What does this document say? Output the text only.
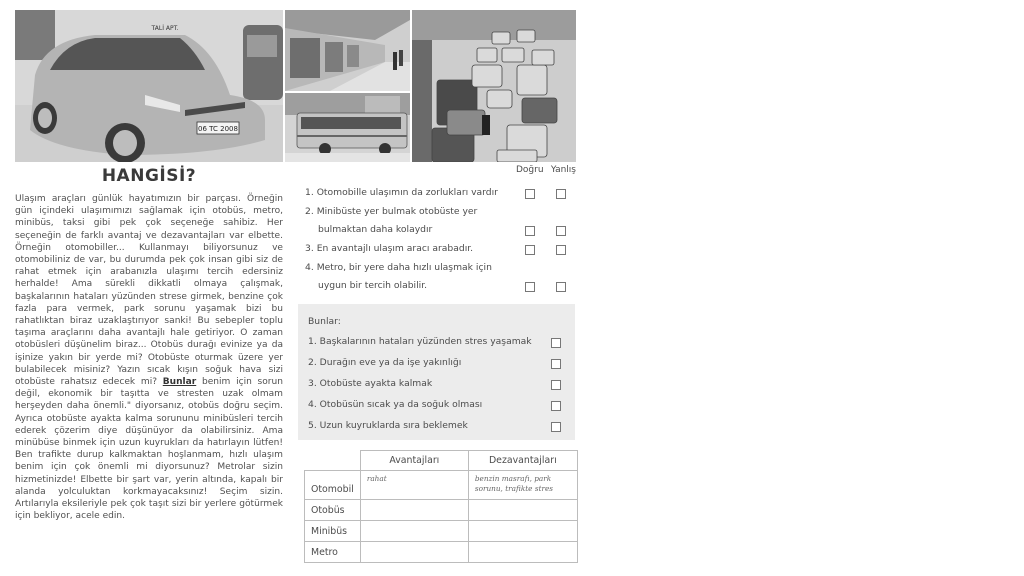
06 TC 2008
TALİ APT.
HANGİSİ?

Ulaşım araçları günlük hayatımızın bir parçası. Örneğin gün içindeki ulaşımımızı sağlamak için otobüs, metro, minibüs, taksi gibi pek çok seçeneğe sahibiz. Her seçeneğin de farklı avantaj ve dezavantajları var elbette. Örneğin otomobiller... Kullanmayı biliyorsunuz ve otomobiliniz de var, bu durumda pek çok insan gibi siz de rahat etmek için arabanızla ulaşımı tercih edersiniz herhalde! Ama sürekli dikkatli olmaya çalışmak, başkalarının hataları yüzünden strese girmek, benzine çok fazla para vermek, park sorunu yaşamak bizi bu rahatlıktan biraz uzaklaştırıyor sanki! Bu sebepler toplu taşıma araçlarını daha avantajlı hale getiriyor. O zaman otobüsleri düşünelim biraz... Otobüs durağı evinize ya da işinize yakın bir yerde mi? Otobüste oturmak üzere yer bulabilecek misiniz? Yazın sıcak kışın soğuk hava sizi otobüste rahatsız edecek mi? Bunlar benim için sorun değil, ekonomik bir taşıtta ve stresten uzak olmam herşeyden daha önemli." diyorsanız, otobüs doğru seçim. Ayrıca otobüste ayakta kalma sorununu minibüsleri tercih ederek çözerim diye düşünüyor da olabilirsiniz. Ama minübüse binmek için uzun kuyrukları da hatırlayın lütfen! Ben trafikte durup kalkmaktan hoşlanmam, hızlı ulaşım benim için çok önemli mi diyorsunuz? Metrolar sizin hizmetinizde! Elbette bir şart var, yerin altında, kapalı bir alanda yolculuktan korkmayacaksınız! Seçim sizin. Artılarıyla eksileriyle pek çok taşıt sizi bir yerlere götürmek için bekliyor, acele edin.

Doğru Yanlış
1. Otomobille ulaşımın da zorlukları vardır
2. Minibüste yer bulmak otobüste yer
bulmaktan daha kolaydır
3. En avantajlı ulaşım aracı arabadır.
4. Metro, bir yere daha hızlı ulaşmak için
uygun bir tercih olabilir.
Bunlar:
1. Başkalarının hataları yüzünden stres yaşamak
2. Durağın eve ya da işe yakınlığı
3. Otobüste ayakta kalmak
4. Otobüsün sıcak ya da soğuk olması
5. Uzun kuyruklarda sıra beklemek
	Avantajları	Dezavantajları
Otomobil	rahat	benzin masrafı, park sorunu, trafikte stres
Otobüs		
Minibüs		
Metro		
